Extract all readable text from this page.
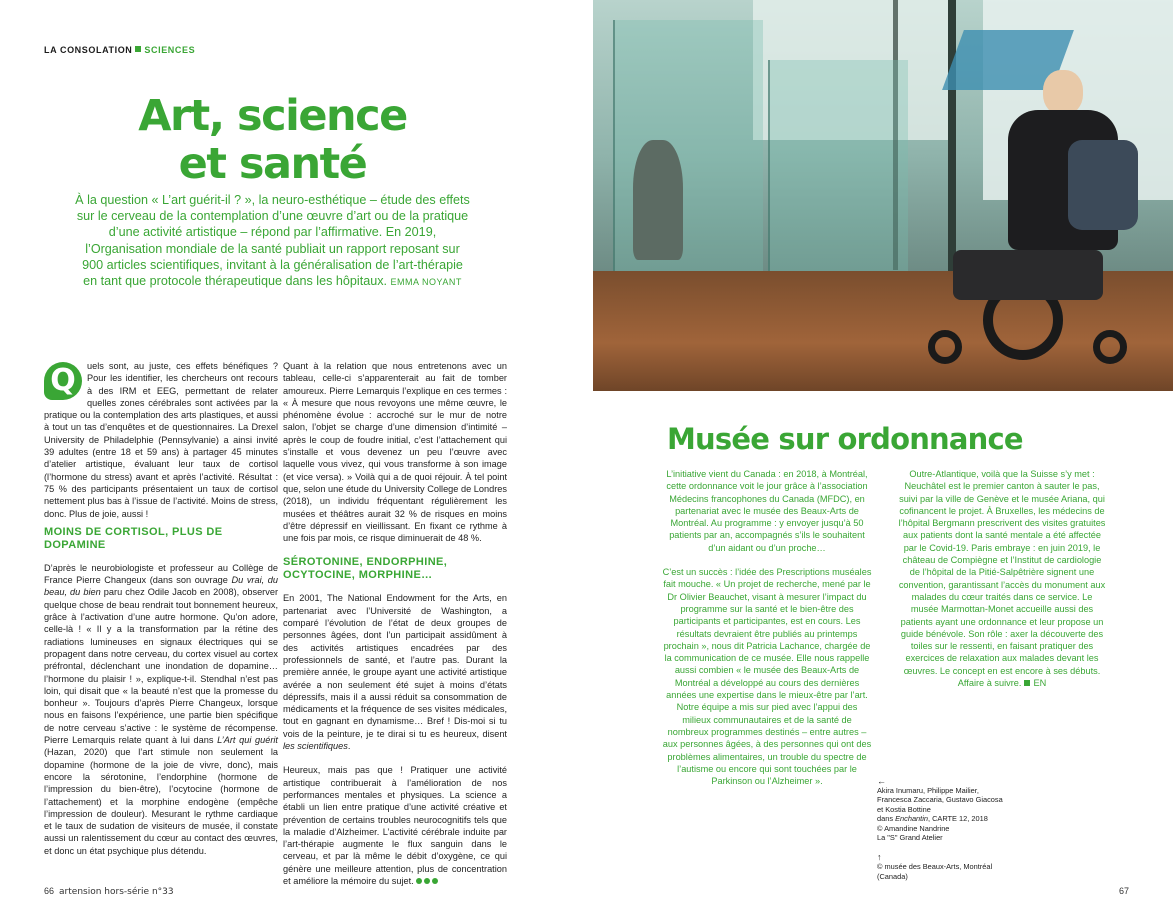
LA CONSOLATION SCIENCES
Art, science
et santé
À la question « L’art guérit-il ? », la neuro-esthétique – étude des effets sur le cerveau de la contemplation d’une œuvre d’art ou de la pratique d’une activité artistique – répond par l’affirmative. En 2019, l’Organisation mondiale de la santé publiait un rapport reposant sur 900 articles scientifiques, invitant à la généralisation de l’art-thérapie en tant que protocole thérapeutique dans les hôpitaux. EMMA NOYANT
Q	uels sont, au juste, ces effets bénéfiques ? Pour les identifier, les chercheurs ont recours à des IRM et EEG, permettant de relater quelles zones cérébrales sont activées par la pratique ou la contemplation des arts plastiques, et aussi à tout un tas d’enquêtes et de questionnaires. La Drexel University de Philadelphie (Pennsylvanie) a ainsi invité 39 adultes (entre 18 et 59 ans) à partager 45 minutes d’atelier artistique, évaluant leur taux de cortisol (l’hormone du stress) avant et après l’activité. Résultat : 75 % des participants présentaient un taux de cortisol nettement plus bas à l’issue de l’activité. Moins de stress, donc. Plus de joie, aussi !

MOINS DE CORTISOL, PLUS DE DOPAMINE

D’après le neurobiologiste et professeur au Collège de France Pierre Changeux (dans son ouvrage Du vrai, du beau, du bien paru chez Odile Jacob en 2008), observer quelque chose de beau rendrait tout bonnement heureux, grâce à l’activation d’une autre hormone. Qu’on adore, celle-là ! « Il y a la transformation par la rétine des radiations lumineuses en signaux électriques qui se propagent dans notre cerveau, du cortex visuel au cortex préfrontal, déclenchant une inondation de dopamine… l’hormone du plaisir ! », explique-t-il. Stendhal n’est pas loin, qui disait que « la beauté n’est que la promesse du bonheur ». Toujours d’après Pierre Changeux, lorsque nous en faisons l’expérience, une partie bien spécifique de notre cerveau s’active : le système de récompense. Pierre Lemarquis relate quant à lui dans L’Art qui guérit (Hazan, 2020) que l’art stimule non seulement la dopamine (hormone de la joie de vivre, donc), mais encore la sérotonine, l’endorphine (hormone de l’impression du bien-être), l’ocytocine (hormone de l’attachement) et la morphine endogène (empêche l’impression de douleur). Mesurant le rythme cardiaque et le taux de sudation de visiteurs de musée, il constate aussi un ralentissement du cœur au contact des œuvres, et donc un état psychique plus détendu.

Quant à la relation que nous entretenons avec un tableau, celle-ci s’apparenterait au fait de tomber amoureux. Pierre Lemarquis l’explique en ces termes : « À mesure que nous revoyons une même œuvre, le phénomène évolue : accroché sur le mur de notre salon, l’objet se charge d’une dimension d’intimité – après le coup de foudre initial, c’est l’attachement qui s’installe et vous devenez un peu l’œuvre avec laquelle vous vivez, qui vous transforme à son image (et vice versa). » Voilà qui a de quoi réjouir. À tel point que, selon une étude du University College de Londres (2018), un individu fréquentant régulièrement les musées et théâtres aurait 32 % de risques en moins d’être dépressif en vieillissant. En fixant ce rythme à une fois par mois, ce risque diminuerait de 48 %.

SÉROTONINE, ENDORPHINE, OCYTOCINE, MORPHINE…

En 2001, The National Endowment for the Arts, en partenariat avec l’Université de Washington, a comparé l’évolution de l’état de deux groupes de personnes âgées, dont l’un participait assidûment à des activités artistiques encadrées par des professionnels de santé, et l’autre pas. Durant la première année, le groupe ayant une activité artistique avérée a non seulement été sujet à moins d’états dépressifs, mais il a aussi réduit sa consommation de médicaments et la fréquence de ses visites médicales, tout en gagnant en dynamisme… Bref ! Dis-moi si tu vois de la peinture, je te dirai si tu es heureux, disent les scientifiques.

Heureux, mais pas que ! Pratiquer une activité artistique contribuerait à l’amélioration de nos performances mentales et physiques. La science a établi un lien entre pratique d’une activité créative et prévention de certains troubles neurocognitifs tels que la maladie d’Alzheimer. L’activité cérébrale induite par l’art-thérapie augmente le flux sanguin dans le cerveau, et par là même le débit d’oxygène, ce qui génère une meilleure attention, plus de concentration et améliore la mémoire du sujet.

66 artension hors-série n°33
Musée sur ordonnance

L’initiative vient du Canada : en 2018, à Montréal, cette ordonnance voit le jour grâce à l’association Médecins francophones du Canada (MFDC), en partenariat avec le musée des Beaux-Arts de Montréal. Au programme : y envoyer jusqu’à 50 patients par an, accompagnés s’ils le souhaitent d’un aidant ou d’un proche…

C’est un succès : l’idée des Prescriptions muséales fait mouche. « Un projet de recherche, mené par le Dr Olivier Beauchet, visant à mesurer l’impact du programme sur la santé et le bien-être des participants et participantes, est en cours. Les résultats devraient être publiés au printemps prochain », nous dit Patricia Lachance, chargée de la communication de ce musée. Elle nous rappelle aussi combien « le musée des Beaux-Arts de Montréal a développé au cours des dernières années une expertise dans le mieux-être par l’art. Notre équipe a mis sur pied avec l’appui des milieux communautaires et de la santé de nombreux programmes destinés – entre autres – aux personnes âgées, à des personnes qui ont des problèmes alimentaires, un trouble du spectre de l’autisme ou encore qui sont touchées par le Parkinson ou l’Alzheimer ».

Outre-Atlantique, voilà que la Suisse s’y met : Neuchâtel est le premier canton à sauter le pas, suivi par la ville de Genève et le musée Ariana, qui cofinancent le projet. À Bruxelles, les médecins de l’hôpital Bergmann prescrivent des visites gratuites aux patients dont la santé mentale a été affectée par le Covid-19. Paris embraye : en juin 2019, le château de Compiègne et l’Institut de cardiologie de l’hôpital de la Pitié-Salpêtrière signent une convention, garantissant l’accès du monument aux malades du cœur traités dans ce service. Le musée Marmottan-Monet accueille aussi des patients ayant une ordonnance et leur propose un guide bénévole. Son rôle : axer la découverte des toiles sur le ressenti, en faisant pratiquer des exercices de relaxation aux malades devant les œuvres. Le concept en est encore à ses débuts. Affaire à suivre. EN

←
Akira Inumaru, Philippe Mailier, Francesca Zaccaria, Gustavo Giacosa et Kostia Bottine
dans Enchantin, CARTE 12, 2018
© Amandine Nandrine
La "S" Grand Atelier
↑
© musée des Beaux-Arts, Montréal (Canada)
67
